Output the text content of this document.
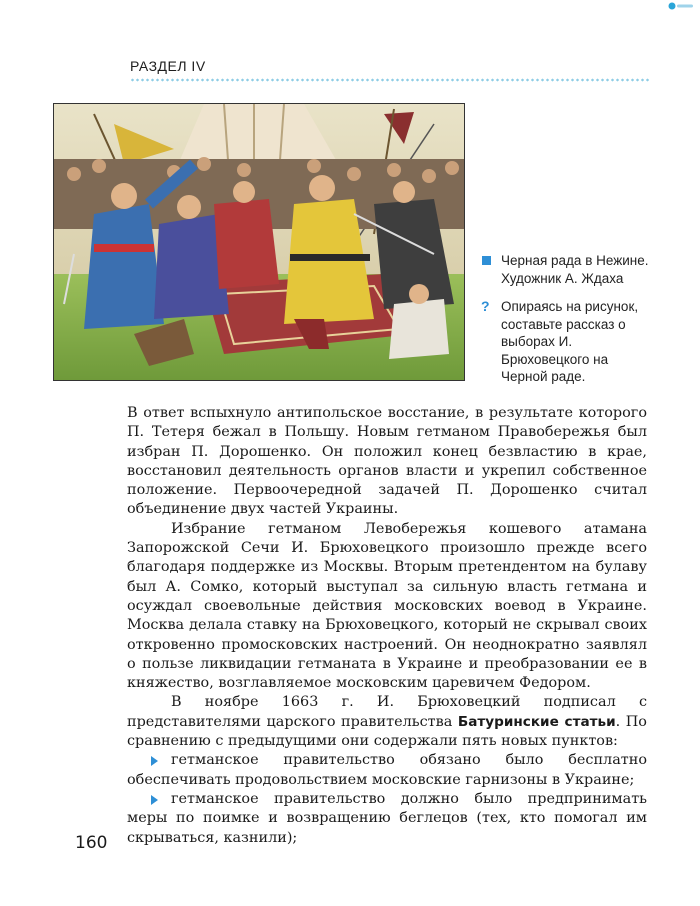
РАЗДЕЛ IV
Черная рада в Нежине. Художник А. Ждаха
? Опираясь на рисунок, составьте рассказ о выборах И. Брюховецкого на Черной раде.

В ответ вспыхнуло антипольское восстание, в результате которого П. Тетеря бежал в Польшу. Новым гетманом Правобережья был избран П. Дорошенко. Он положил конец безвластию в крае, восстановил деятельность органов власти и укрепил собственное положение. Первоочередной задачей П. Дорошенко считал объединение двух частей Украины.

Избрание гетманом Левобережья кошевого атамана Запорожской Сечи И. Брюховецкого произошло прежде всего благодаря поддержке из Москвы. Вторым претендентом на булаву был А. Сомко, который выступал за сильную власть гетмана и осуждал своевольные действия московских воевод в Украине. Москва делала ставку на Брюховецкого, который не скрывал своих откровенно промосковских настроений. Он неоднократно заявлял о пользе ликвидации гетманата в Украине и преобразовании ее в княжество, возглавляемое московским царевичем Федором.

В ноябре 1663 г. И. Брюховецкий подписал с представителями царского правительства Батуринские статьи. По сравнению с предыдущими они содержали пять новых пунктов:

гетманское правительство обязано было бесплатно обеспечивать продовольствием московские гарнизоны в Украине;

гетманское правительство должно было предпринимать меры по поимке и возвращению беглецов (тех, кто помогал им скрываться, казнили);

160
